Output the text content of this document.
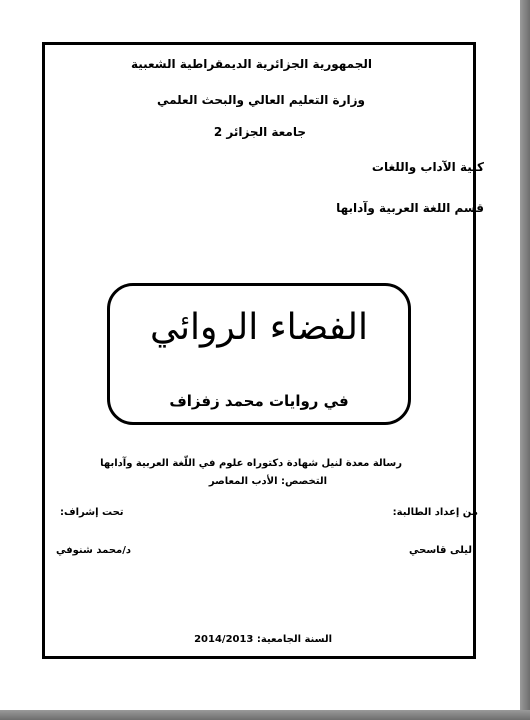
الجمهورية الجزائرية الديمقراطية الشعبية
وزارة التعليم العالي والبحث العلمي
جامعة الجزائر 2
كلية الآداب واللغات
قسم اللغة العربية وآدابها
الفضاء الروائي
في روايات محمد زفزاف
رسالة معدة لنيل شهادة دكتوراه علوم في اللّغة العربية وآدابها
التخصص: الأدب المعاصر
من إعداد الطالبة:
تحت إشراف:
ليلى قاسحي
د/محمد شنوفي
السنة الجامعية: 2014/2013
